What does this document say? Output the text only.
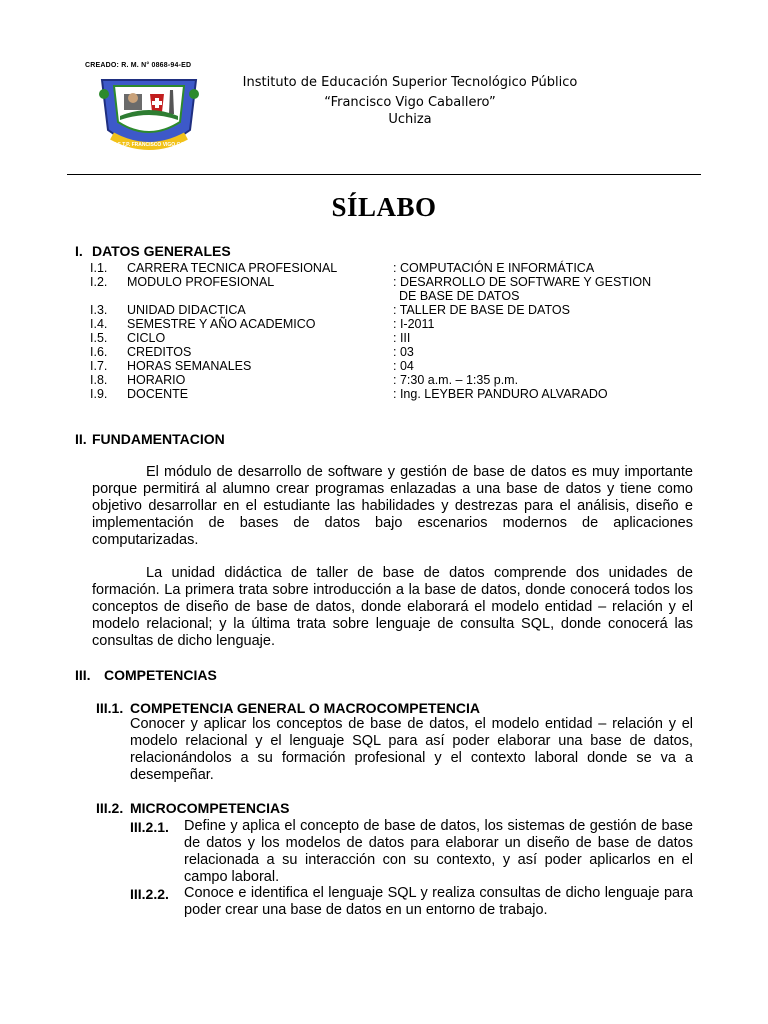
CREADO: R. M. N° 0868-94-ED
I.E.S.T.P. FRANCISCO VIGO CABALLERO
Instituto de Educación Superior Tecnológico Público
“Francisco Vigo Caballero”
Uchiza
SÍLABO
I. DATOS GENERALES
I.1. CARRERA TECNICA PROFESIONAL	: COMPUTACIÓN E INFORMÁTICA
I.2. MODULO PROFESIONAL	: DESARROLLO DE SOFTWARE Y GESTION
DE BASE DE DATOS
I.3. UNIDAD DIDACTICA	: TALLER DE BASE DE DATOS
I.4. SEMESTRE Y AÑO ACADEMICO	: I-2011
I.5. CICLO	: III
I.6. CREDITOS	: 03
I.7. HORAS SEMANALES	: 04
I.8. HORARIO	: 7:30 a.m. – 1:35 p.m.
I.9. DOCENTE	: Ing. LEYBER PANDURO ALVARADO
II. FUNDAMENTACION

El módulo de desarrollo de software y gestión de base de datos es muy importante porque permitirá al alumno crear programas enlazadas a una base de datos y tiene como objetivo desarrollar en el estudiante las habilidades y destrezas para el análisis, diseño e implementación de bases de datos bajo escenarios modernos de aplicaciones computarizadas.

La unidad didáctica de taller de base de datos comprende dos unidades de formación. La primera trata sobre introducción a la base de datos, donde conocerá todos los conceptos de diseño de base de datos, donde elaborará el modelo entidad – relación y el modelo relacional; y la última trata sobre lenguaje de consulta SQL, donde conocerá las consultas de dicho lenguaje.

III. COMPETENCIAS
III.1. COMPETENCIA GENERAL O MACROCOMPETENCIA
Conocer y aplicar los conceptos de base de datos, el modelo entidad – relación y el modelo relacional y el lenguaje SQL para así poder elaborar una base de datos, relacionándolos a su formación profesional y el contexto laboral donde se va a desempeñar.
III.2. MICROCOMPETENCIAS
III.2.1. Define y aplica el concepto de base de datos, los sistemas de gestión de base de datos y los modelos de datos para elaborar un diseño de base de datos relacionada a su interacción con su contexto, y así poder aplicarlos en el campo laboral.
III.2.2. Conoce e identifica el lenguaje SQL y realiza consultas de dicho lenguaje para poder crear una base de datos en un entorno de trabajo.
